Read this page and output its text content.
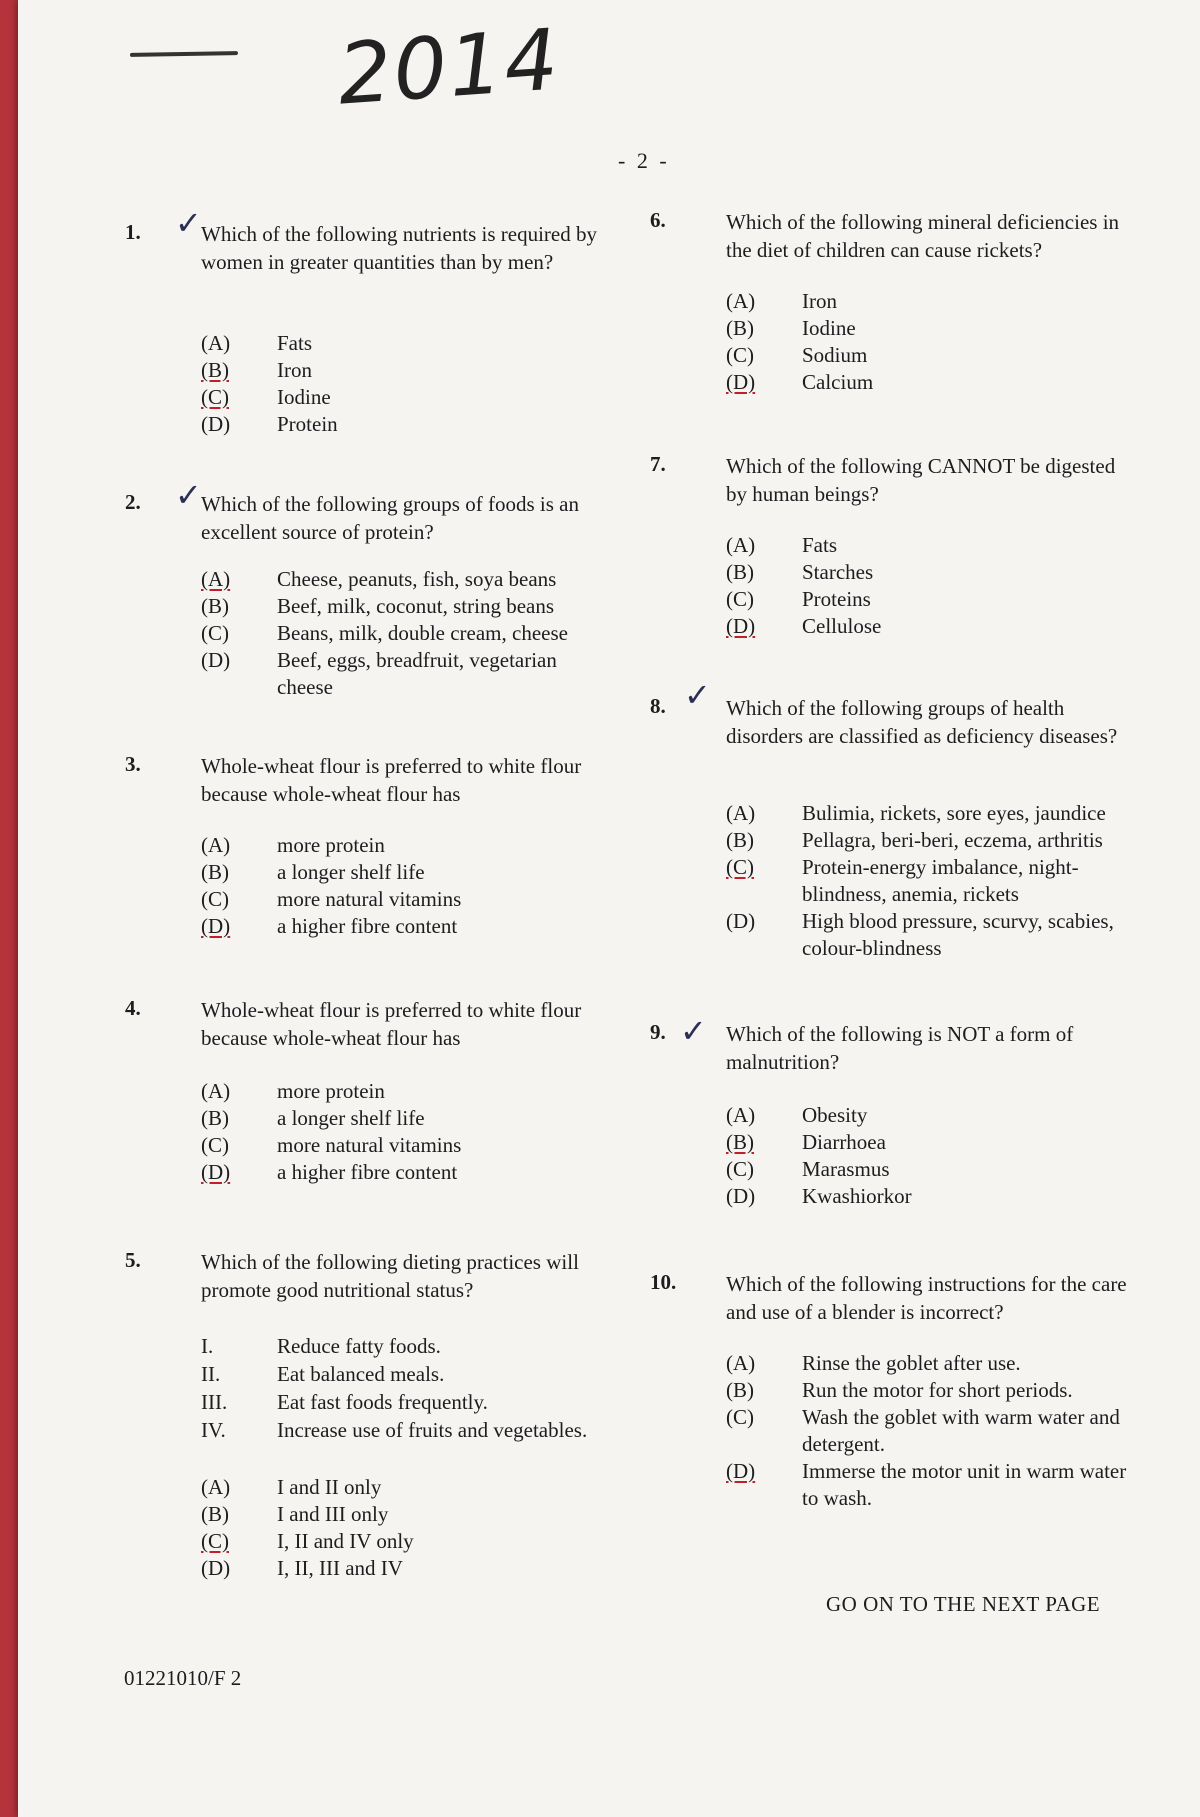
2014
- 2 -
✓
1.	Which of the following nutrients is required by women in greater quantities than by men?
(A) Fats
(B) Iron
(C) Iodine
(D) Protein
✓
2.	Which of the following groups of foods is an excellent source of protein?
(A) Cheese, peanuts, fish, soya beans
(B) Beef, milk, coconut, string beans
(C) Beans, milk, double cream, cheese
(D) Beef, eggs, breadfruit, vegetarian cheese
3.	Whole-wheat flour is preferred to white flour because whole-wheat flour has
(A) more protein
(B) a longer shelf life
(C) more natural vitamins
(D) a higher fibre content
4.	Whole-wheat flour is preferred to white flour because whole-wheat flour has
(A) more protein
(B) a longer shelf life
(C) more natural vitamins
(D) a higher fibre content
5.	Which of the following dieting practices will promote good nutritional status?
I.	Reduce fatty foods.
II.	Eat balanced meals.
III. Eat fast foods frequently.
IV. Increase use of fruits and vegetables.
(A) I and II only
(B) I and III only
(C) I, II and IV only
(D) I, II, III and IV
6.	Which of the following mineral deficiencies in the diet of children can cause rickets?
(A) Iron
(B) Iodine
(C) Sodium
(D) Calcium
7.	Which of the following CANNOT be digested by human beings?
(A) Fats
(B) Starches
(C) Proteins
(D) Cellulose
✓
8.	Which of the following groups of health disorders are classified as deficiency diseases?
(A) Bulimia, rickets, sore eyes, jaundice
(B) Pellagra, beri-beri, eczema, arthritis
(C) Protein-energy imbalance, night-blindness, anemia, rickets
(D) High blood pressure, scurvy, scabies, colour-blindness
✓
9.	Which of the following is NOT a form of malnutrition?
(A) Obesity
(B) Diarrhoea
(C) Marasmus
(D) Kwashiorkor
10. Which of the following instructions for the care and use of a blender is incorrect?
(A) Rinse the goblet after use.
(B) Run the motor for short periods.
(C) Wash the goblet with warm water and detergent.
(D) Immerse the motor unit in warm water to wash.
GO ON TO THE NEXT PAGE
01221010/F 2
